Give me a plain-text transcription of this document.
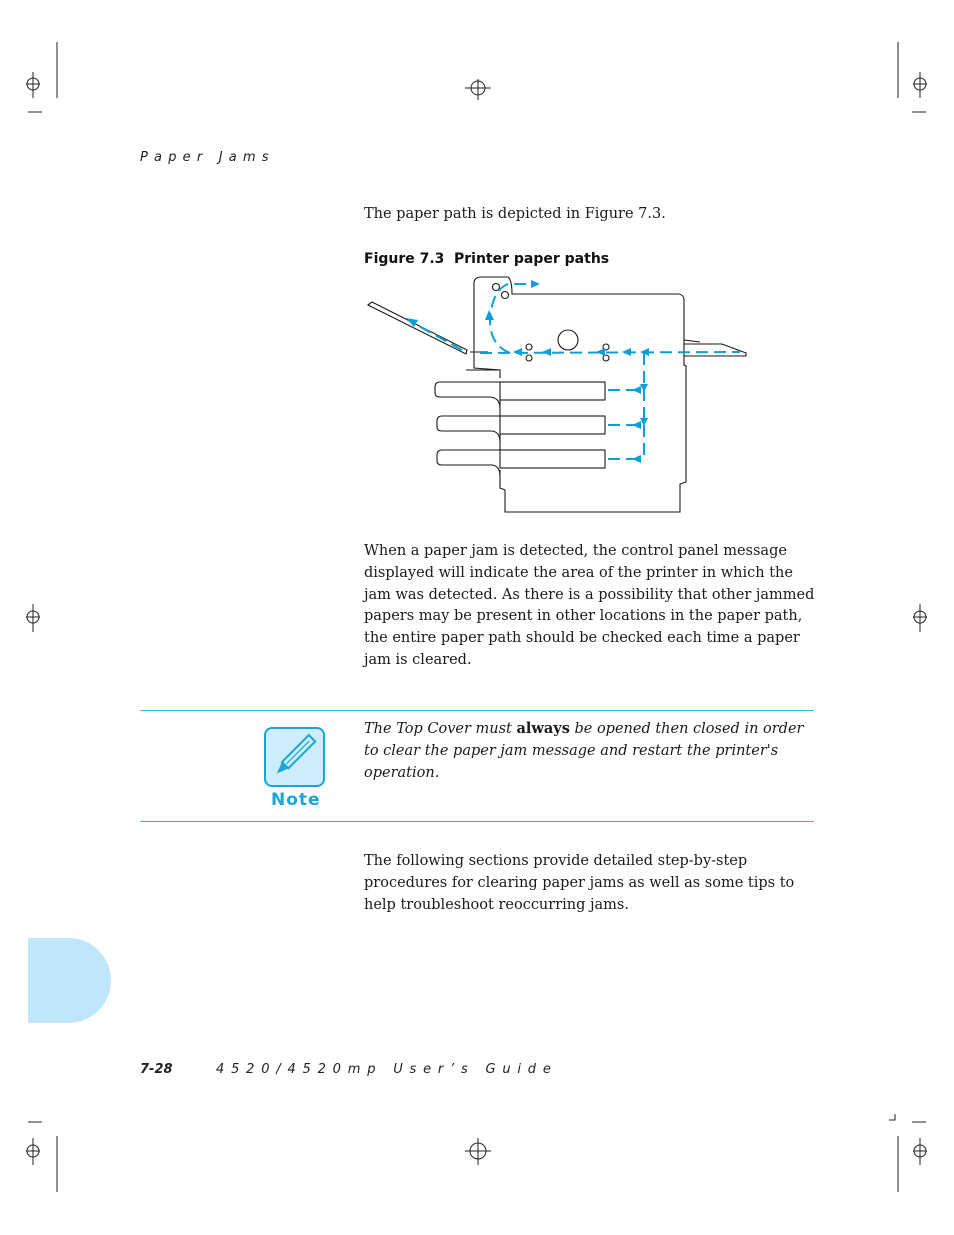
Paper Jams
The paper path is depicted in Figure 7.3.
Figure 7.3 Printer paper paths
When a paper jam is detected, the control panel message displayed will indicate the area of the printer in which the jam was detected. As there is a possibility that other jammed papers may be present in other locations in the paper path, the entire paper path should be checked each time a paper jam is cleared.
Note
The Top Cover must always be opened then closed in order to clear the paper jam message and restart the printer's operation.
The following sections provide detailed step-by-step procedures for clearing paper jams as well as some tips to help troubleshoot reoccurring jams.
7-28	4520/4520mp User’s Guide
